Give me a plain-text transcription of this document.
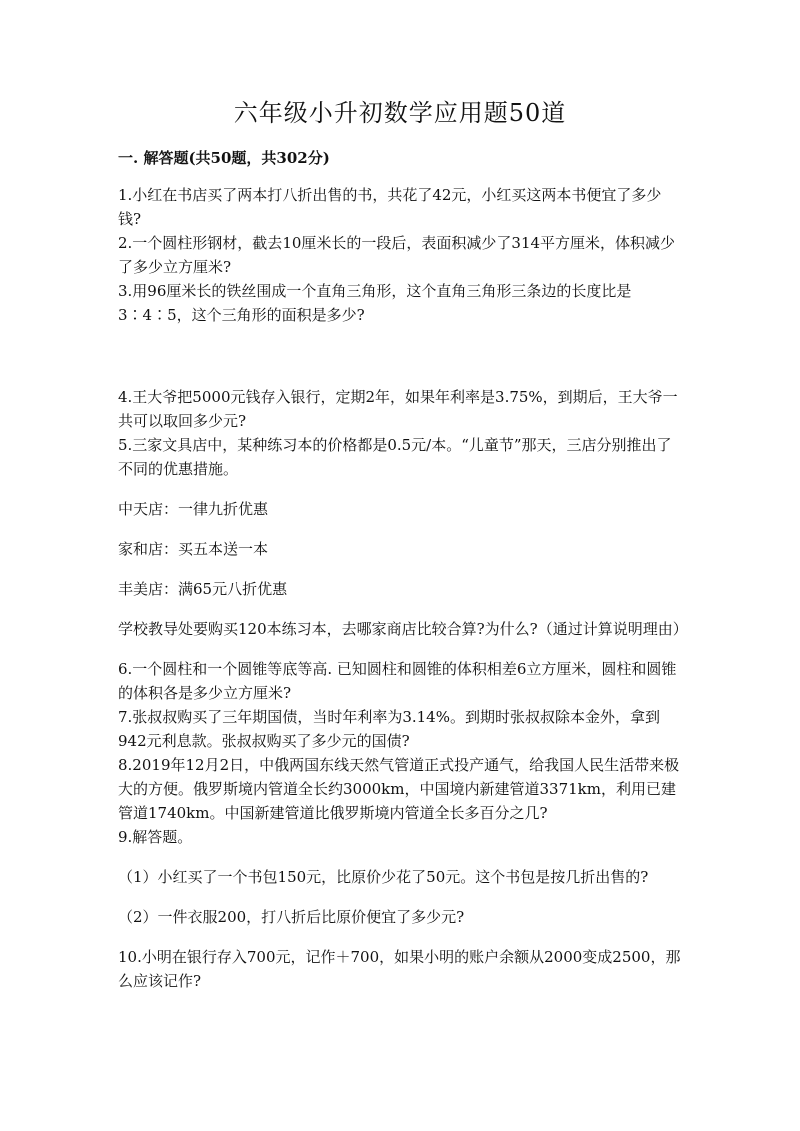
六年级小升初数学应用题50道
一. 解答题(共50题，共302分)

1.小红在书店买了两本打八折出售的书，共花了42元，小红买这两本书便宜了多少钱?

2.一个圆柱形钢材，截去10厘米长的一段后，表面积减少了314平方厘米，体积减少了多少立方厘米?

3.用96厘米长的铁丝围成一个直角三角形，这个直角三角形三条边的长度比是3∶4∶5，这个三角形的面积是多少?

4.王大爷把5000元钱存入银行，定期2年，如果年利率是3.75%，到期后，王大爷一共可以取回多少元?

5.三家文具店中，某种练习本的价格都是0.5元/本。“儿童节”那天，三店分别推出了不同的优惠措施。

中天店：一律九折优惠

家和店：买五本送一本

丰美店：满65元八折优惠

学校教导处要购买120本练习本，去哪家商店比较合算?为什么?（通过计算说明理由）

6.一个圆柱和一个圆锥等底等高. 已知圆柱和圆锥的体积相差6立方厘米，圆柱和圆锥的体积各是多少立方厘米?

7.张叔叔购买了三年期国债，当时年利率为3.14%。到期时张叔叔除本金外，拿到942元利息款。张叔叔购买了多少元的国债?

8.2019年12月2日，中俄两国东线天然气管道正式投产通气，给我国人民生活带来极大的方便。俄罗斯境内管道全长约3000km，中国境内新建管道3371km，利用已建管道1740km。中国新建管道比俄罗斯境内管道全长多百分之几?

9.解答题。

（1）小红买了一个书包150元，比原价少花了50元。这个书包是按几折出售的?

（2）一件衣服200，打八折后比原价便宜了多少元?

10.小明在银行存入700元，记作＋700，如果小明的账户余额从2000变成2500，那么应该记作?
